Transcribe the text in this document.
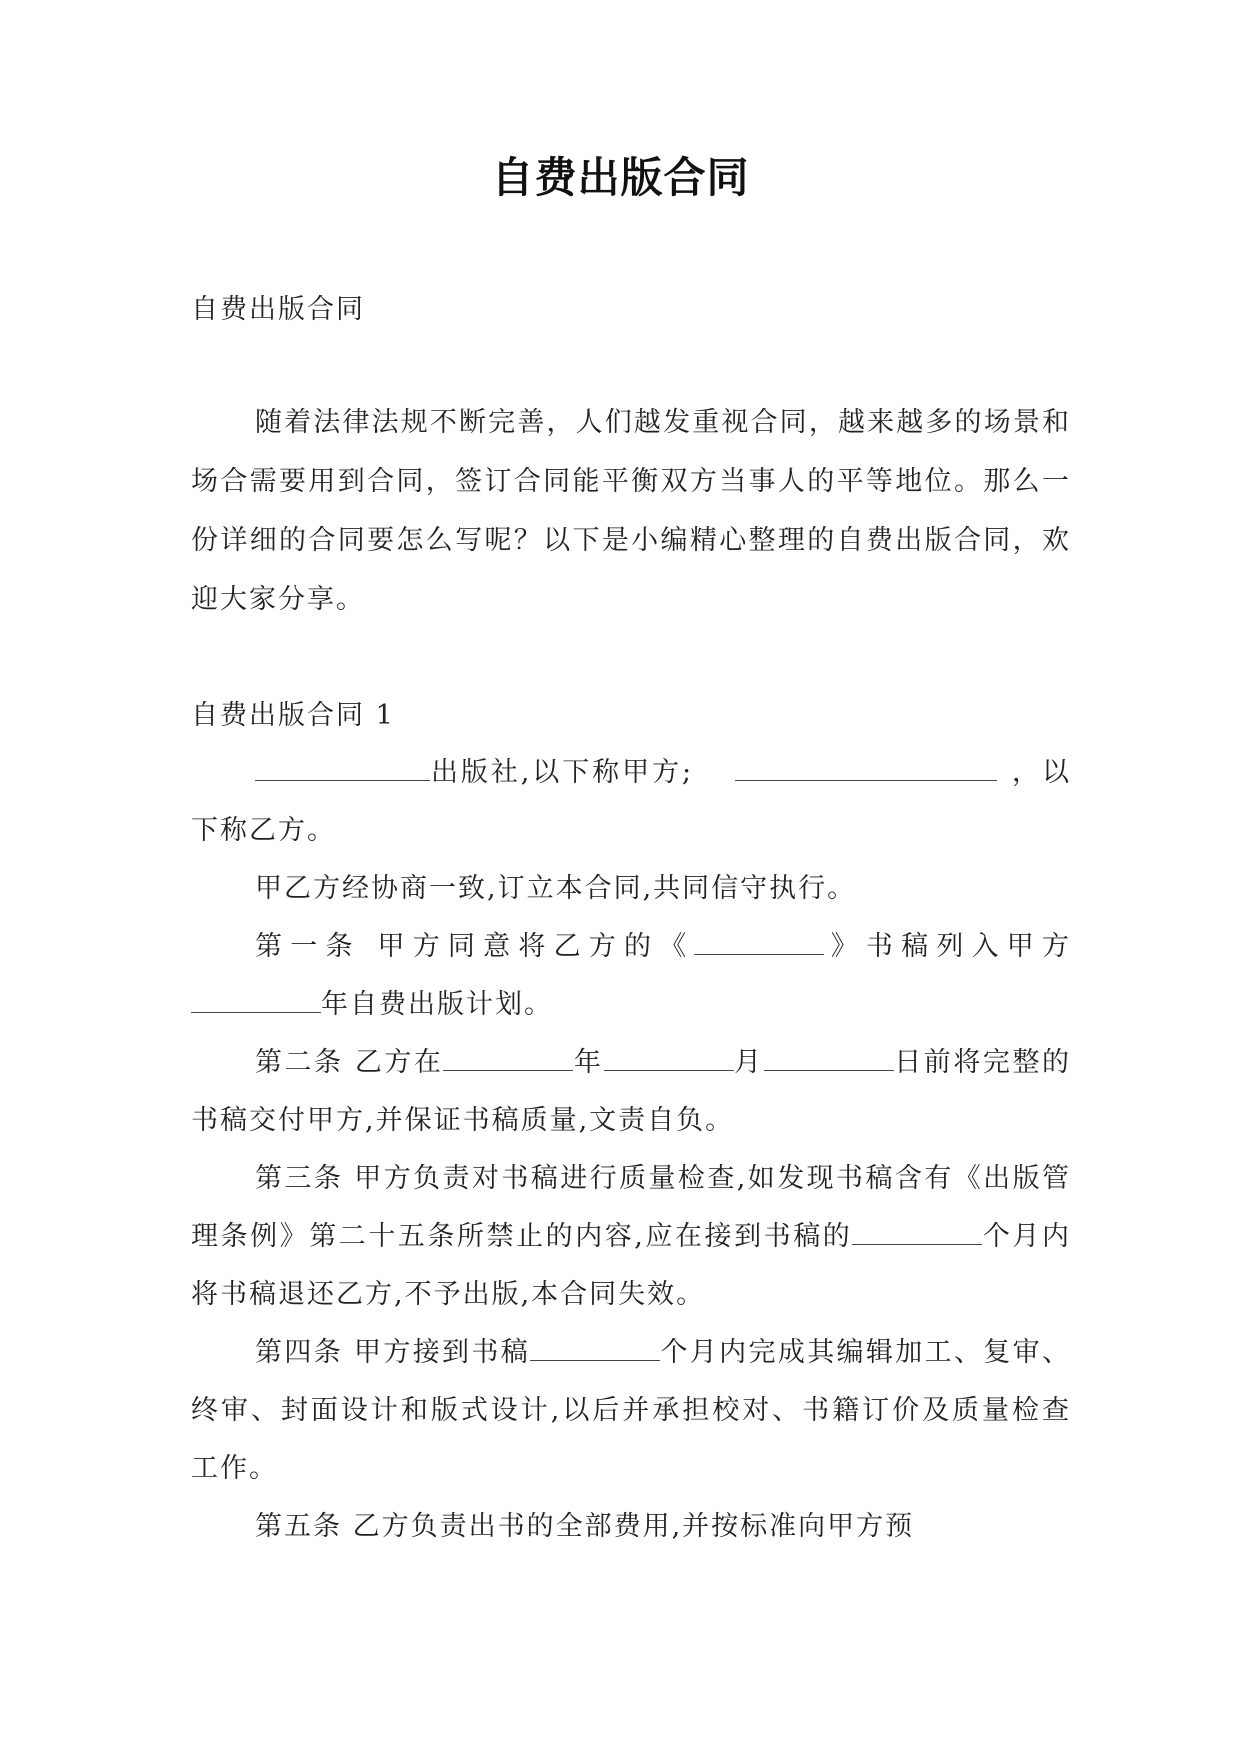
自费出版合同

自费出版合同

随着法律法规不断完善，人们越发重视合同，越来越多的场景和场合需要用到合同，签订合同能平衡双方当事人的平等地位。那么一份详细的合同要怎么写呢？以下是小编精心整理的自费出版合同，欢迎大家分享。

自费出版合同 1

出版社,以下称甲方;	，以下称乙方。

甲乙方经协商一致,订立本合同,共同信守执行。

第一条 甲方同意将乙方的《	》书稿列入甲方年自费出版计划。

第二条 乙方在	年	月	日前将完整的书稿交付甲方,并保证书稿质量,文责自负。

第三条 甲方负责对书稿进行质量检查,如发现书稿含有《出版管理条例》第二十五条所禁止的内容,应在接到书稿的	个月内将书稿退还乙方,不予出版,本合同失效。

第四条 甲方接到书稿	个月内完成其编辑加工、复审、终审、封面设计和版式设计,以后并承担校对、书籍订价及质量检查工作。

第五条 乙方负责出书的全部费用,并按标准向甲方预
